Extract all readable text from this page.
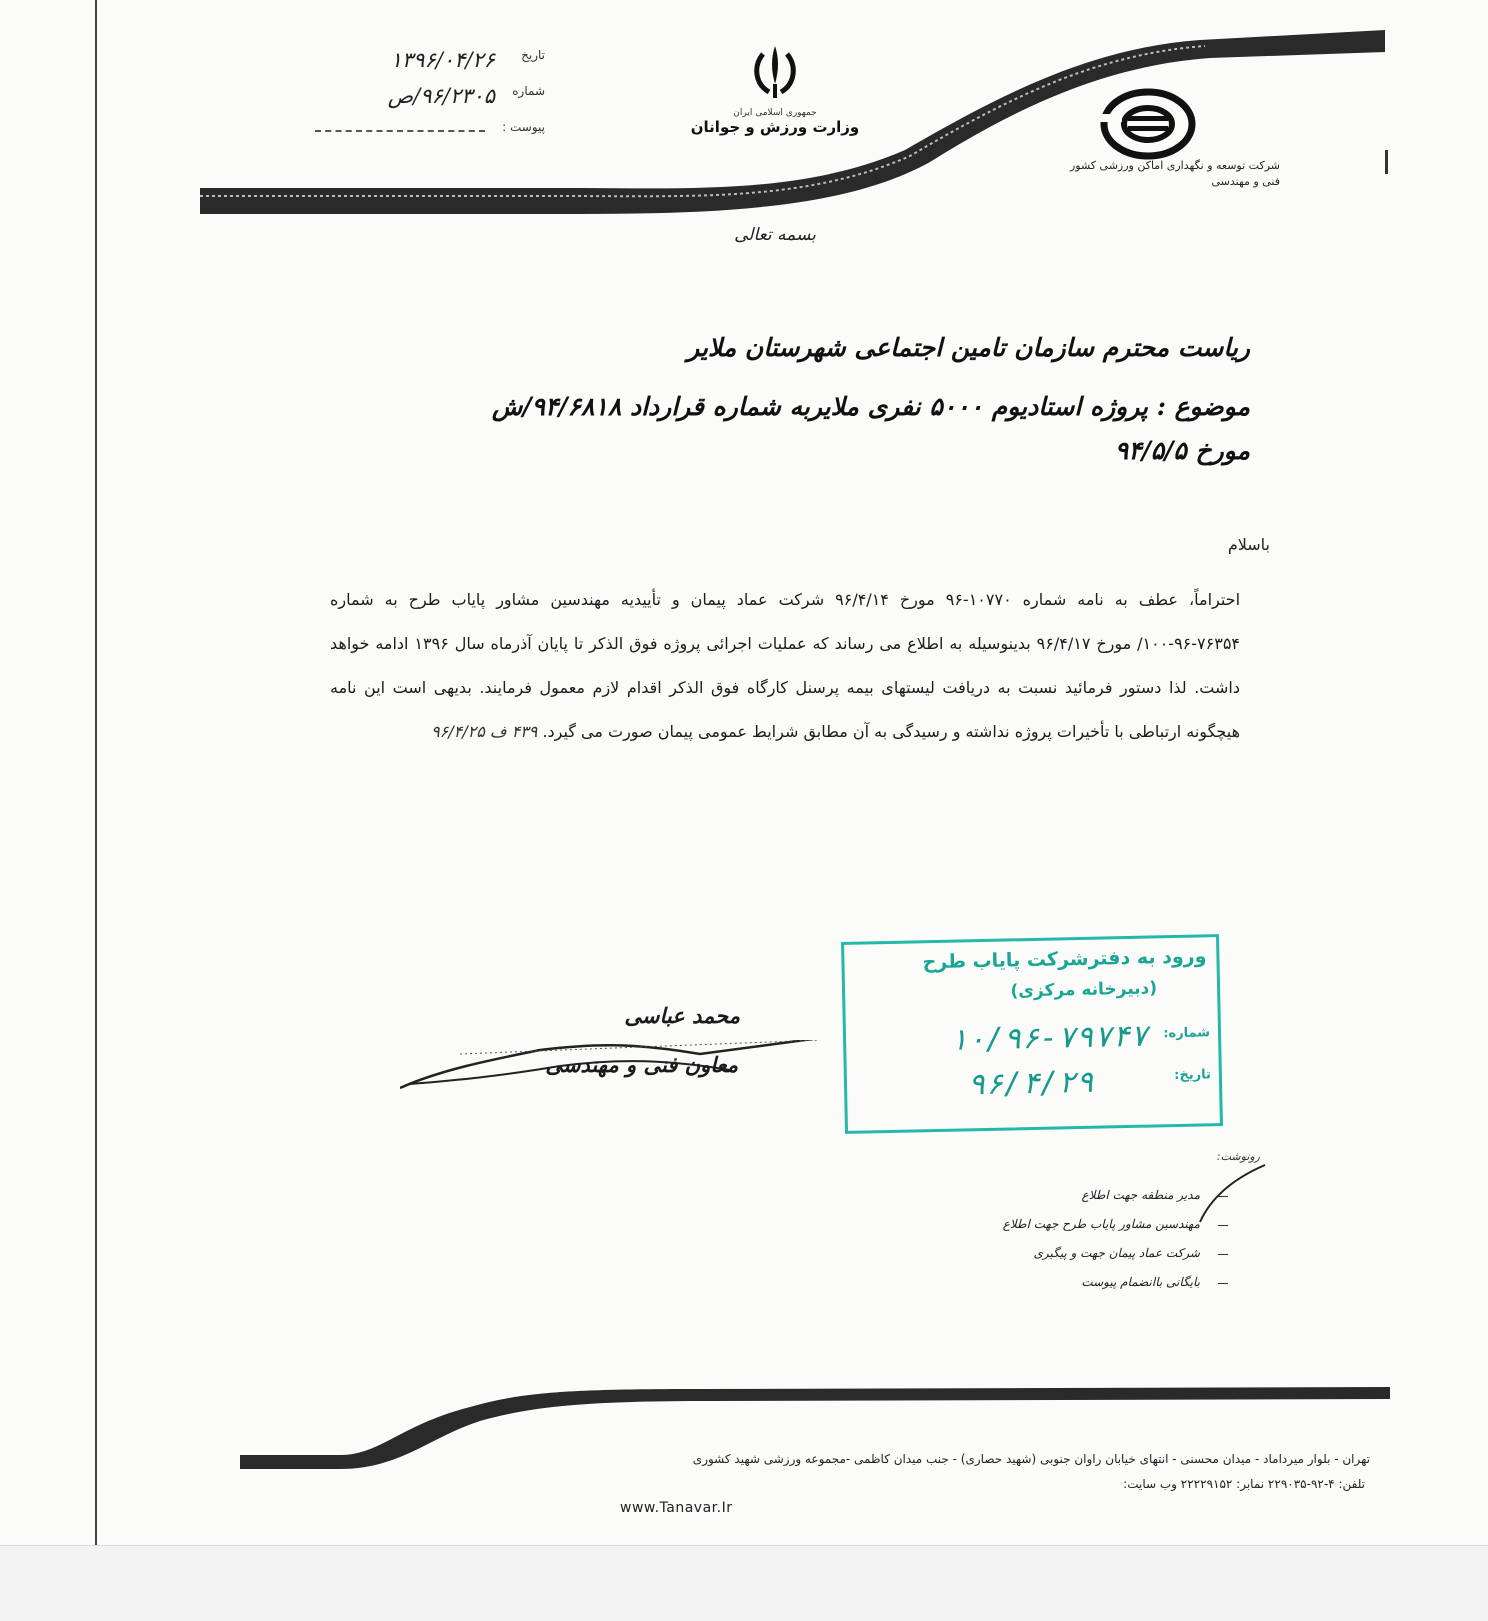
جمهوری اسلامی ایران
وزارت ورزش و جوانان
تاریخ
۱۳۹۶/۰۴/۲۶
شماره
۹۶/۲۳۰۵/ص
پیوست :
شرکت توسعه و نگهداری اماکن ورزشی کشور
فنی و مهندسی
بسمه تعالی
ریاست محترم سازمان تامین اجتماعی شهرستان ملایر
موضوع : پروژه استادیوم ۵۰۰۰ نفری ملایربه شماره قرارداد ۹۴/۶۸۱۸/ش
مورخ ۹۴/۵/۵
باسلام
احتراماً، عطف به نامه شماره ۱۰۷۷۰-۹۶ مورخ ۹۶/۴/۱۴ شرکت عماد پیمان و تأییدیه مهندسین مشاور پایاب طرح به شماره ۷۶۳۵۴-۹۶-۱۰۰/ مورخ ۹۶/۴/۱۷ بدینوسیله به اطلاع می رساند که عملیات اجرائی پروژه فوق الذکر تا پایان آذرماه سال ۱۳۹۶ ادامه خواهد داشت. لذا دستور فرمائید نسبت به دریافت لیستهای بیمه پرسنل کارگاه فوق الذکر اقدام لازم معمول فرمایند. بدیهی است این نامه هیچگونه ارتباطی با تأخیرات پروژه نداشته و رسیدگی به آن مطابق شرایط عمومی پیمان صورت می گیرد. ۴۳۹ ف ۹۶/۴/۲۵
ورود به دفترشرکت پایاب طرح
(دبیرخانه مرکزی)
شماره:
۱۰/۹۶-۷۹۷۴۷
تاریخ:
۹۶/۴/۲۹
محمد عباسی
معاون فنی و مهندسی
رونوشت:
مدیر منطقه جهت اطلاع
مهندسین مشاور پایاب طرح جهت اطلاع
شرکت عماد پیمان جهت و پیگیری
بایگانی باانضمام پیوست
تهران - بلوار میرداماد - میدان محسنی - انتهای خیابان راوان جنوبی (شهید حصاری) - جنب میدان کاظمی -مجموعه ورزشی شهید کشوری
تلفن: ۴-۹۲-۲۲۹۰۳۵ نمابر: ۲۲۲۲۹۱۵۲ وب سایت:
www.Tanavar.Ir
